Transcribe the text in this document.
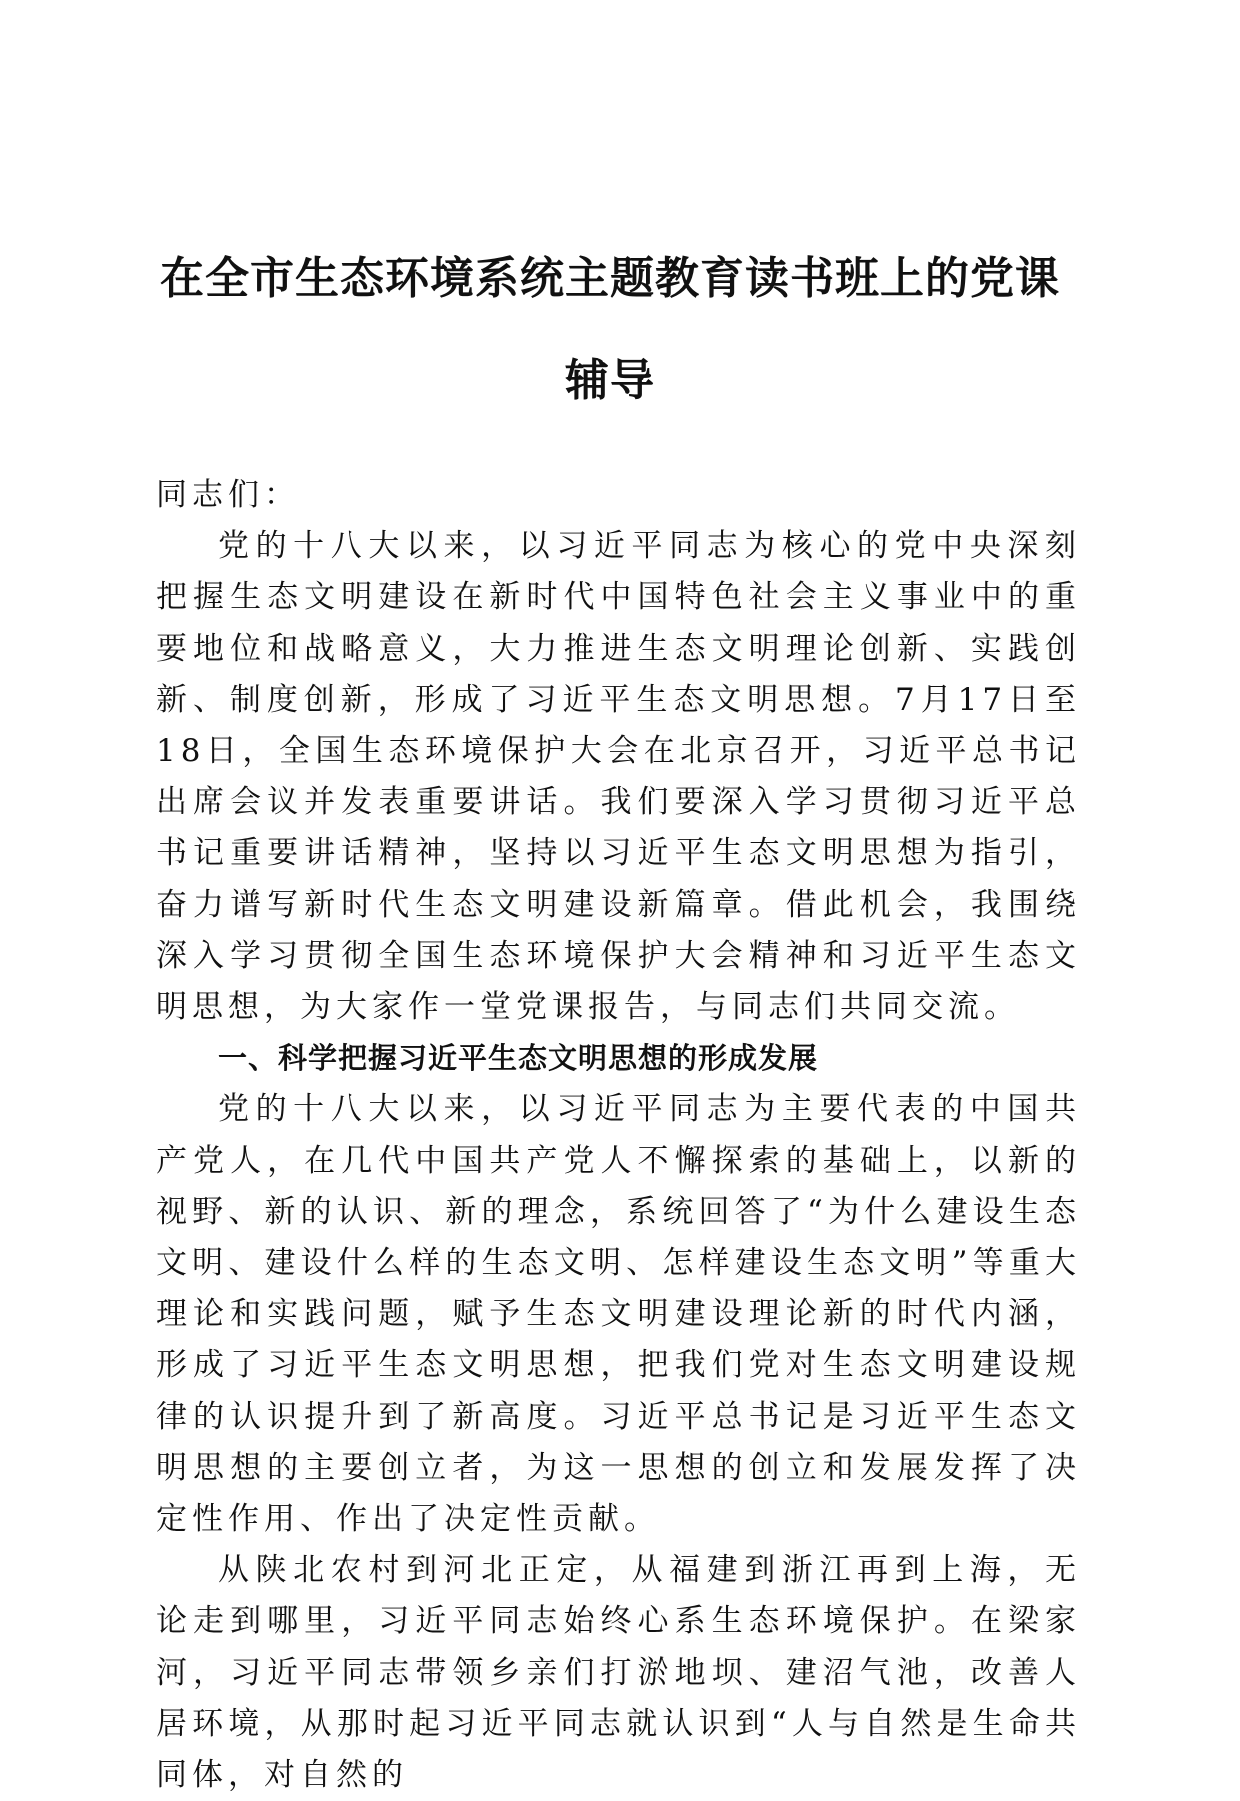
在全市生态环境系统主题教育读书班上的党课
辅导

同志们：

党的十八大以来，以习近平同志为核心的党中央深刻把握生态文明建设在新时代中国特色社会主义事业中的重要地位和战略意义，大力推进生态文明理论创新、实践创新、制度创新，形成了习近平生态文明思想。7月17日至18日，全国生态环境保护大会在北京召开，习近平总书记出席会议并发表重要讲话。我们要深入学习贯彻习近平总书记重要讲话精神，坚持以习近平生态文明思想为指引，奋力谱写新时代生态文明建设新篇章。借此机会，我围绕深入学习贯彻全国生态环境保护大会精神和习近平生态文明思想，为大家作一堂党课报告，与同志们共同交流。

一、科学把握习近平生态文明思想的形成发展

党的十八大以来，以习近平同志为主要代表的中国共产党人，在几代中国共产党人不懈探索的基础上，以新的视野、新的认识、新的理念，系统回答了“为什么建设生态文明、建设什么样的生态文明、怎样建设生态文明”等重大理论和实践问题，赋予生态文明建设理论新的时代内涵，形成了习近平生态文明思想，把我们党对生态文明建设规律的认识提升到了新高度。习近平总书记是习近平生态文明思想的主要创立者，为这一思想的创立和发展发挥了决定性作用、作出了决定性贡献。

从陕北农村到河北正定，从福建到浙江再到上海，无论走到哪里，习近平同志始终心系生态环境保护。在梁家河，习近平同志带领乡亲们打淤地坝、建沼气池，改善人居环境，从那时起习近平同志就认识到“人与自然是生命共同体，对自然的
